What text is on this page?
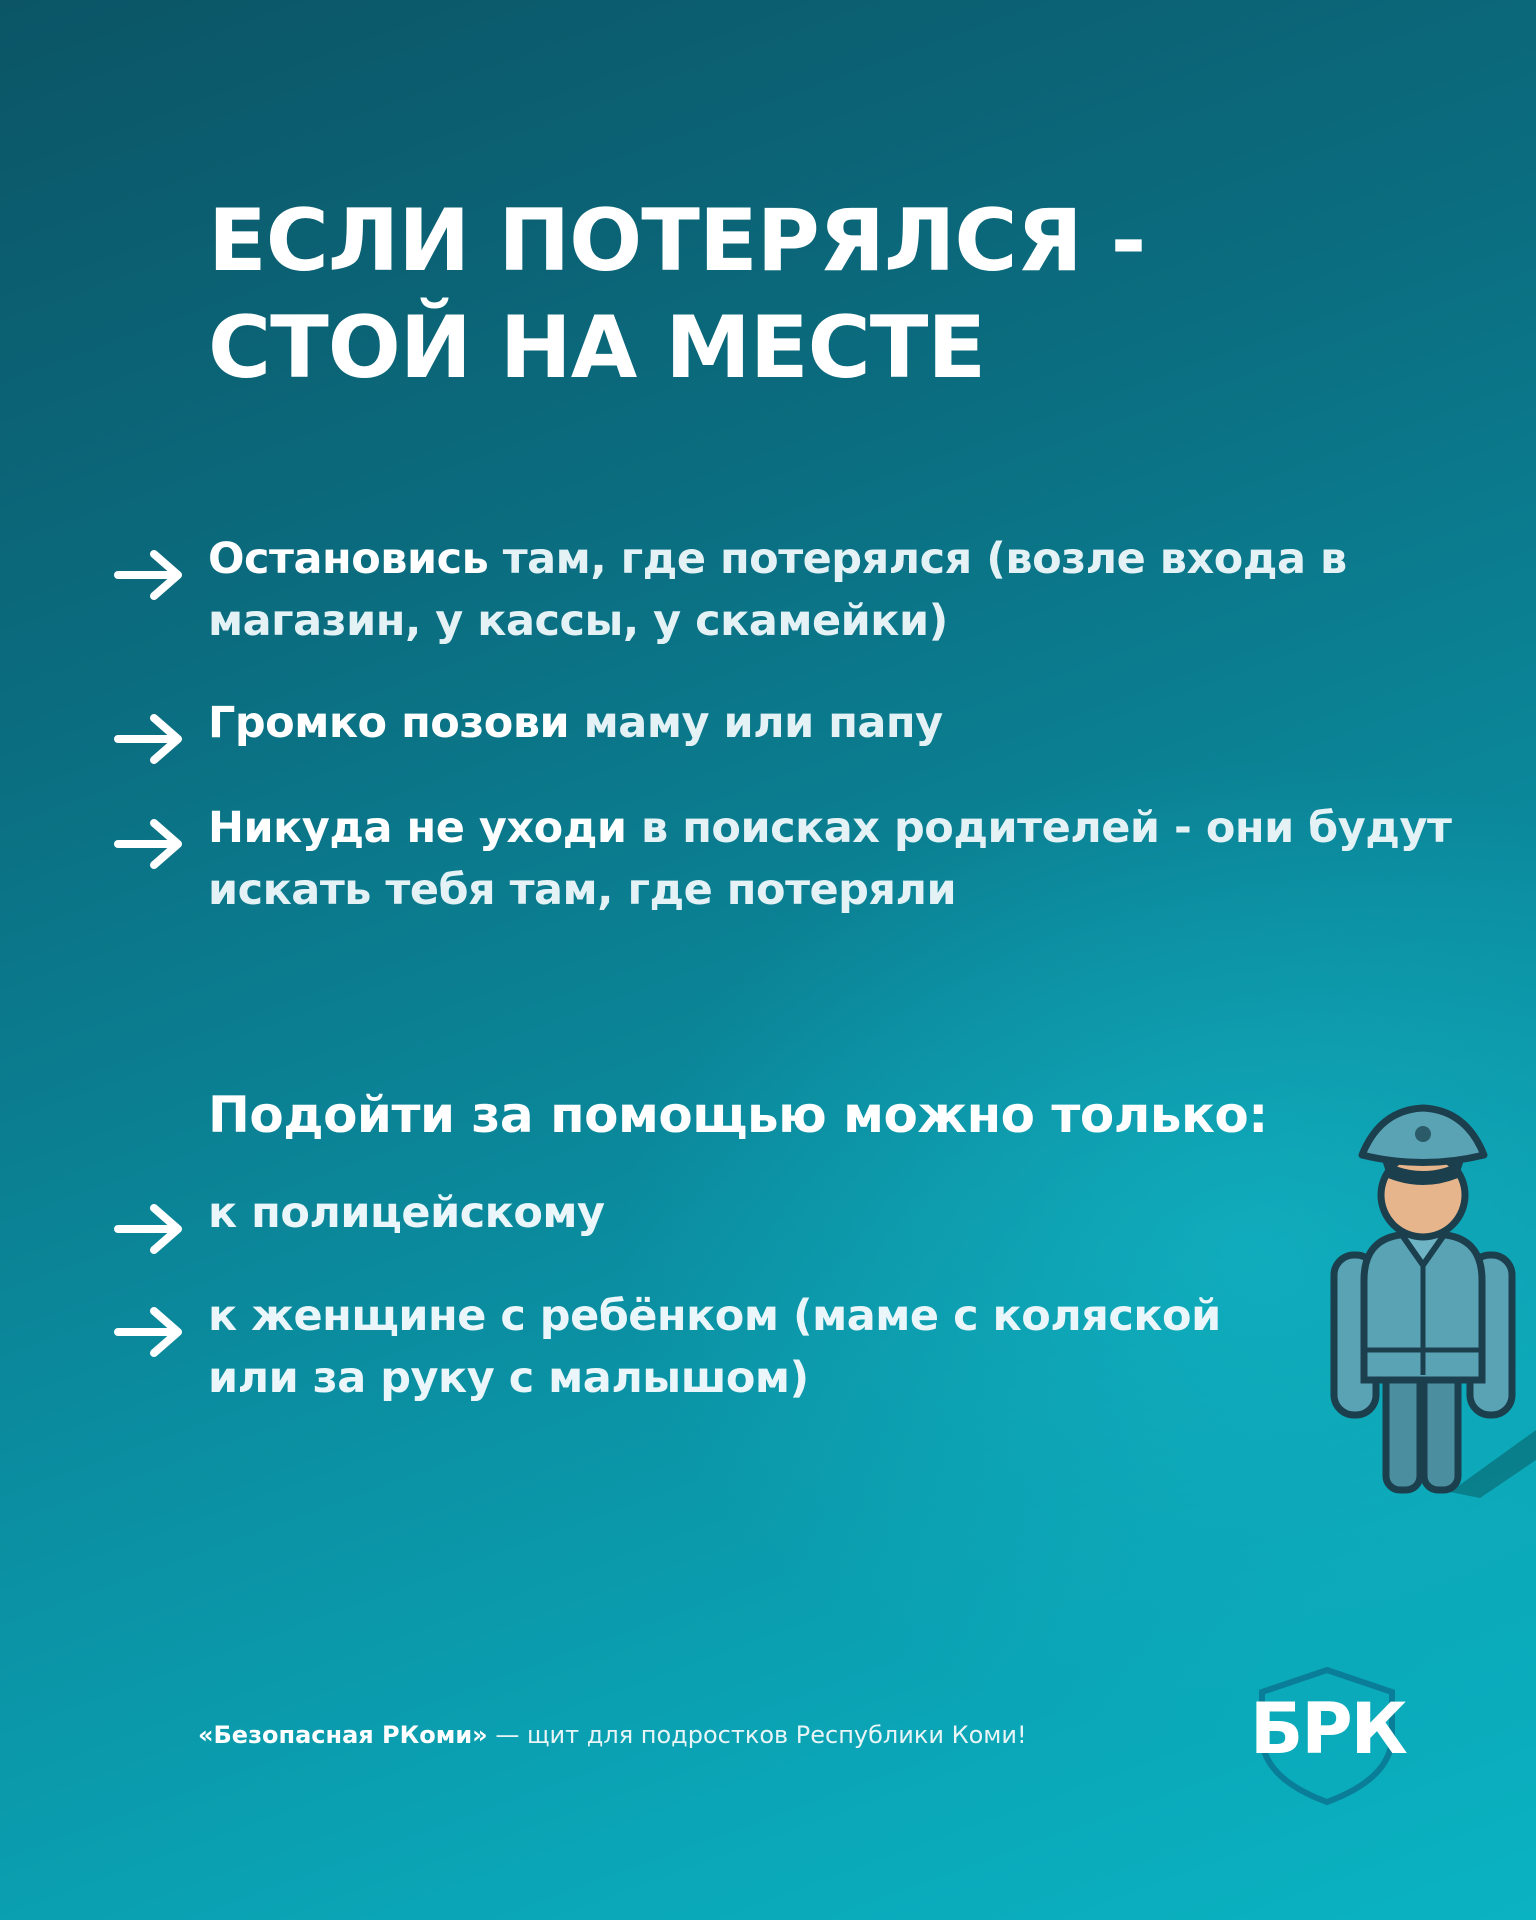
ЕСЛИ ПОТЕРЯЛСЯ -
СТОЙ НА МЕСТЕ
Остановись там, где потерялся (возле входа в магазин, у кассы, у скамейки)
Громко позови маму или папу
Никуда не уходи в поисках родителей - они будут искать тебя там, где потеряли
Подойти за помощью можно только:
к полицейскому
к женщине с ребёнком (маме с коляской или за руку с малышом)
«Безопасная РКоми» — щит для подростков Республики Коми!	БРК
